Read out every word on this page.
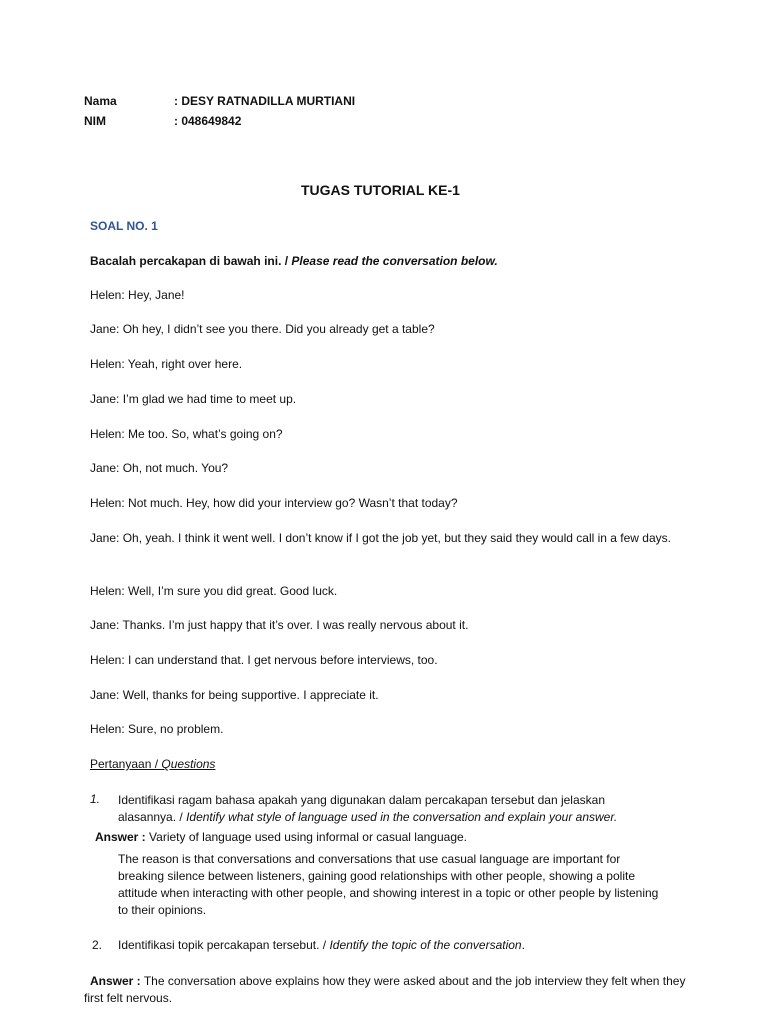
Nama	: DESY RATNADILLA MURTIANI
NIM	: 048649842
TUGAS TUTORIAL KE-1
SOAL NO. 1
Bacalah percakapan di bawah ini. / Please read the conversation below.
Helen: Hey, Jane!
Jane: Oh hey, I didn’t see you there. Did you already get a table?
Helen: Yeah, right over here.
Jane: I’m glad we had time to meet up.
Helen: Me too. So, what’s going on?
Jane: Oh, not much. You?
Helen: Not much. Hey, how did your interview go? Wasn’t that today?
Jane: Oh, yeah. I think it went well. I don’t know if I got the job yet, but they said they would call in a few days.
Helen: Well, I’m sure you did great. Good luck.
Jane: Thanks. I’m just happy that it’s over. I was really nervous about it.
Helen: I can understand that. I get nervous before interviews, too.
Jane: Well, thanks for being supportive. I appreciate it.
Helen: Sure, no problem.
Pertanyaan / Questions
1. Identifikasi ragam bahasa apakah yang digunakan dalam percakapan tersebut dan jelaskan alasannya. / Identify what style of language used in the conversation and explain your answer.
Answer : Variety of language used using informal or casual language.
The reason is that conversations and conversations that use casual language are important for breaking silence between listeners, gaining good relationships with other people, showing a polite attitude when interacting with other people, and showing interest in a topic or other people by listening to their opinions.
2. Identifikasi topik percakapan tersebut. / Identify the topic of the conversation.
Answer : The conversation above explains how they were asked about and the job interview they felt when they first felt nervous.
